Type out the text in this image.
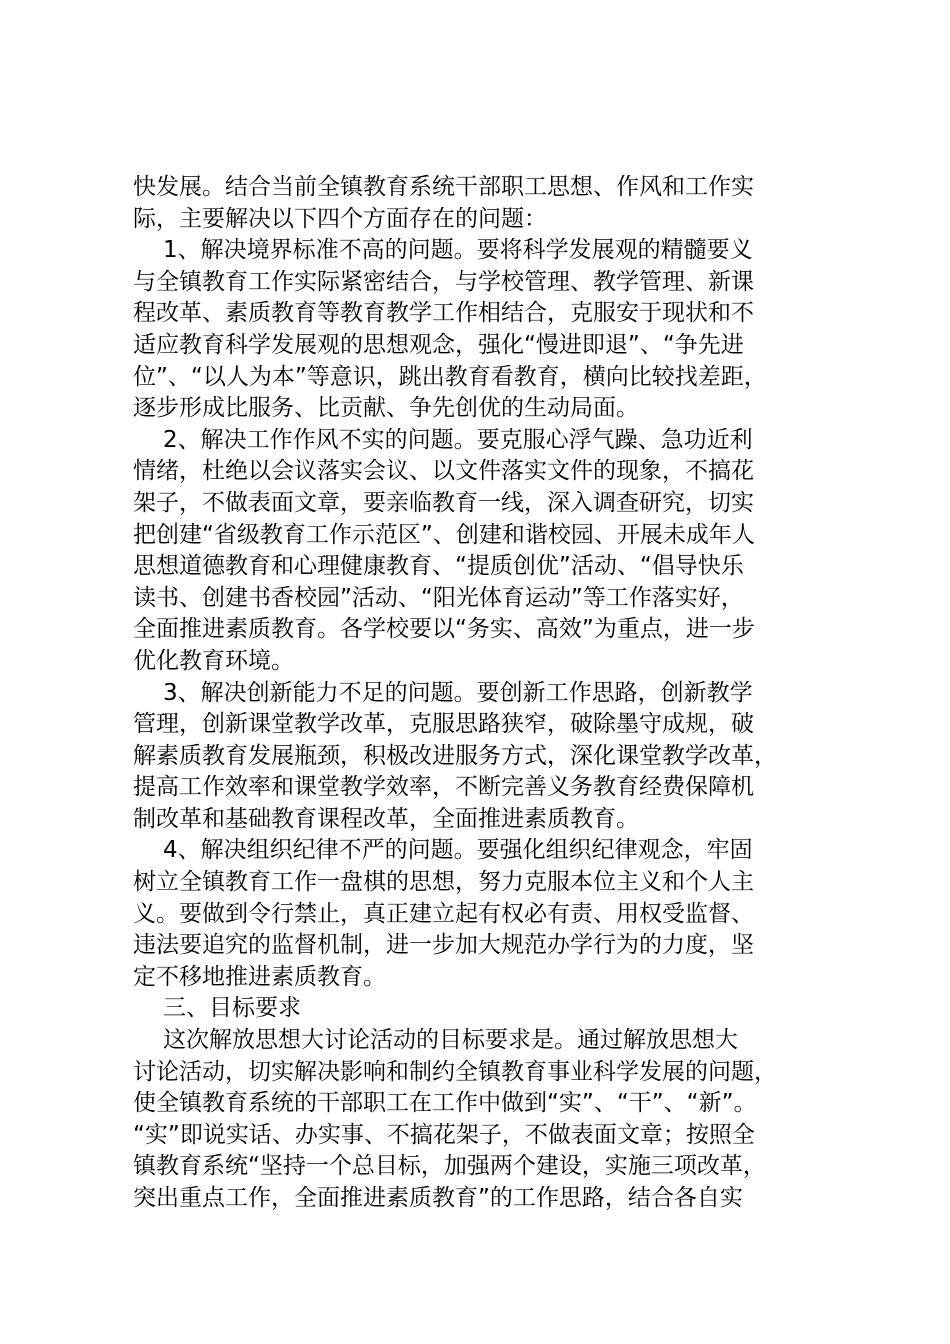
快发展。结合当前全镇教育系统干部职工思想、作风和工作实
际，主要解决以下四个方面存在的问题：
1、解决境界标准不高的问题。要将科学发展观的精髓要义
与全镇教育工作实际紧密结合，与学校管理、教学管理、新课
程改革、素质教育等教育教学工作相结合，克服安于现状和不
适应教育科学发展观的思想观念，强化“慢进即退”、“争先进
位”、“以人为本”等意识，跳出教育看教育，横向比较找差距，
逐步形成比服务、比贡献、争先创优的生动局面。
2、解决工作作风不实的问题。要克服心浮气躁、急功近利
情绪，杜绝以会议落实会议、以文件落实文件的现象，不搞花
架子，不做表面文章，要亲临教育一线，深入调查研究，切实
把创建“省级教育工作示范区”、创建和谐校园、开展未成年人
思想道德教育和心理健康教育、“提质创优”活动、“倡导快乐
读书、创建书香校园”活动、“阳光体育运动”等工作落实好，
全面推进素质教育。各学校要以“务实、高效”为重点，进一步
优化教育环境。
3、解决创新能力不足的问题。要创新工作思路，创新教学
管理，创新课堂教学改革，克服思路狭窄，破除墨守成规，破
解素质教育发展瓶颈，积极改进服务方式，深化课堂教学改革，
提高工作效率和课堂教学效率，不断完善义务教育经费保障机
制改革和基础教育课程改革，全面推进素质教育。
4、解决组织纪律不严的问题。要强化组织纪律观念，牢固
树立全镇教育工作一盘棋的思想，努力克服本位主义和个人主
义。要做到令行禁止，真正建立起有权必有责、用权受监督、
违法要追究的监督机制，进一步加大规范办学行为的力度，坚
定不移地推进素质教育。
三、目标要求
这次解放思想大讨论活动的目标要求是。通过解放思想大
讨论活动，切实解决影响和制约全镇教育事业科学发展的问题，
使全镇教育系统的干部职工在工作中做到“实”、“干”、“新”。
“实”即说实话、办实事、不搞花架子，不做表面文章；按照全
镇教育系统“坚持一个总目标，加强两个建设，实施三项改革，
突出重点工作，全面推进素质教育”的工作思路，结合各自实
